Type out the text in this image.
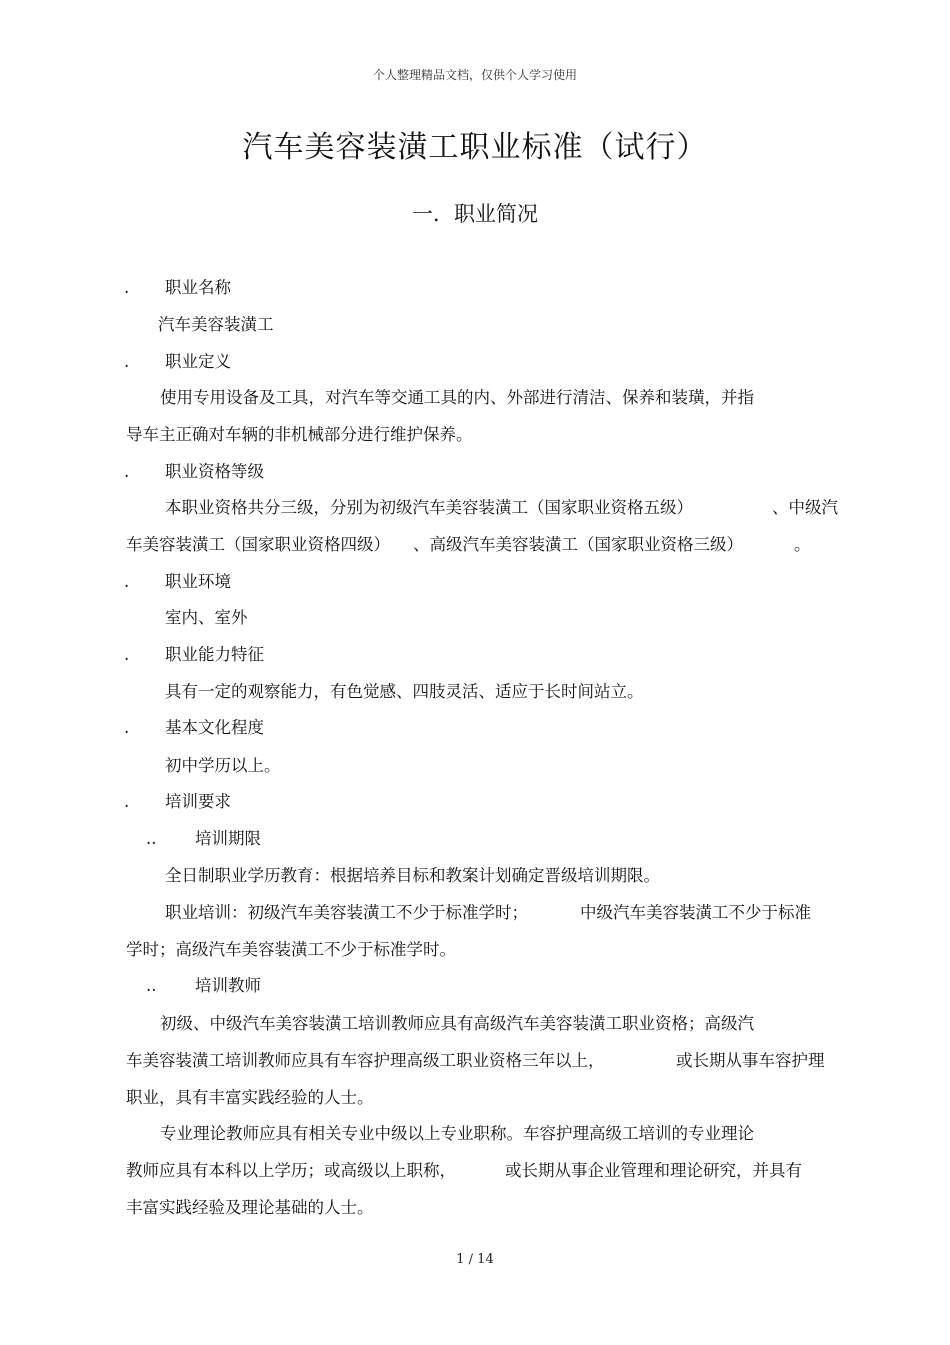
个人整理精品文档，仅供个人学习使用
汽车美容装潢工职业标准（试行）
一．职业简况
. 职业名称
汽车美容装潢工
. 职业定义
使用专用设备及工具，对汽车等交通工具的内、外部进行清洁、保养和装璜，并指
导车主正确对车辆的非机械部分进行维护保养。
. 职业资格等级
本职业资格共分三级，分别为初级汽车美容装潢工（国家职业资格五级）	、中级汽
车美容装潢工（国家职业资格四级） 、高级汽车美容装潢工（国家职业资格三级）	。
. 职业环境
室内、室外
. 职业能力特征
具有一定的观察能力，有色觉感、四肢灵活、适应于长时间站立。
. 基本文化程度
初中学历以上。
. 培训要求
.. 培训期限
全日制职业学历教育：根据培养目标和教案计划确定晋级培训期限。
职业培训：初级汽车美容装潢工不少于标准学时；	中级汽车美容装潢工不少于标准
学时；高级汽车美容装潢工不少于标准学时。
.. 培训教师
初级、中级汽车美容装潢工培训教师应具有高级汽车美容装潢工职业资格；高级汽
车美容装潢工培训教师应具有车容护理高级工职业资格三年以上，	或长期从事车容护理
职业，具有丰富实践经验的人士。
专业理论教师应具有相关专业中级以上专业职称。车容护理高级工培训的专业理论
教师应具有本科以上学历；或高级以上职称，	或长期从事企业管理和理论研究，并具有
丰富实践经验及理论基础的人士。
1 / 14
